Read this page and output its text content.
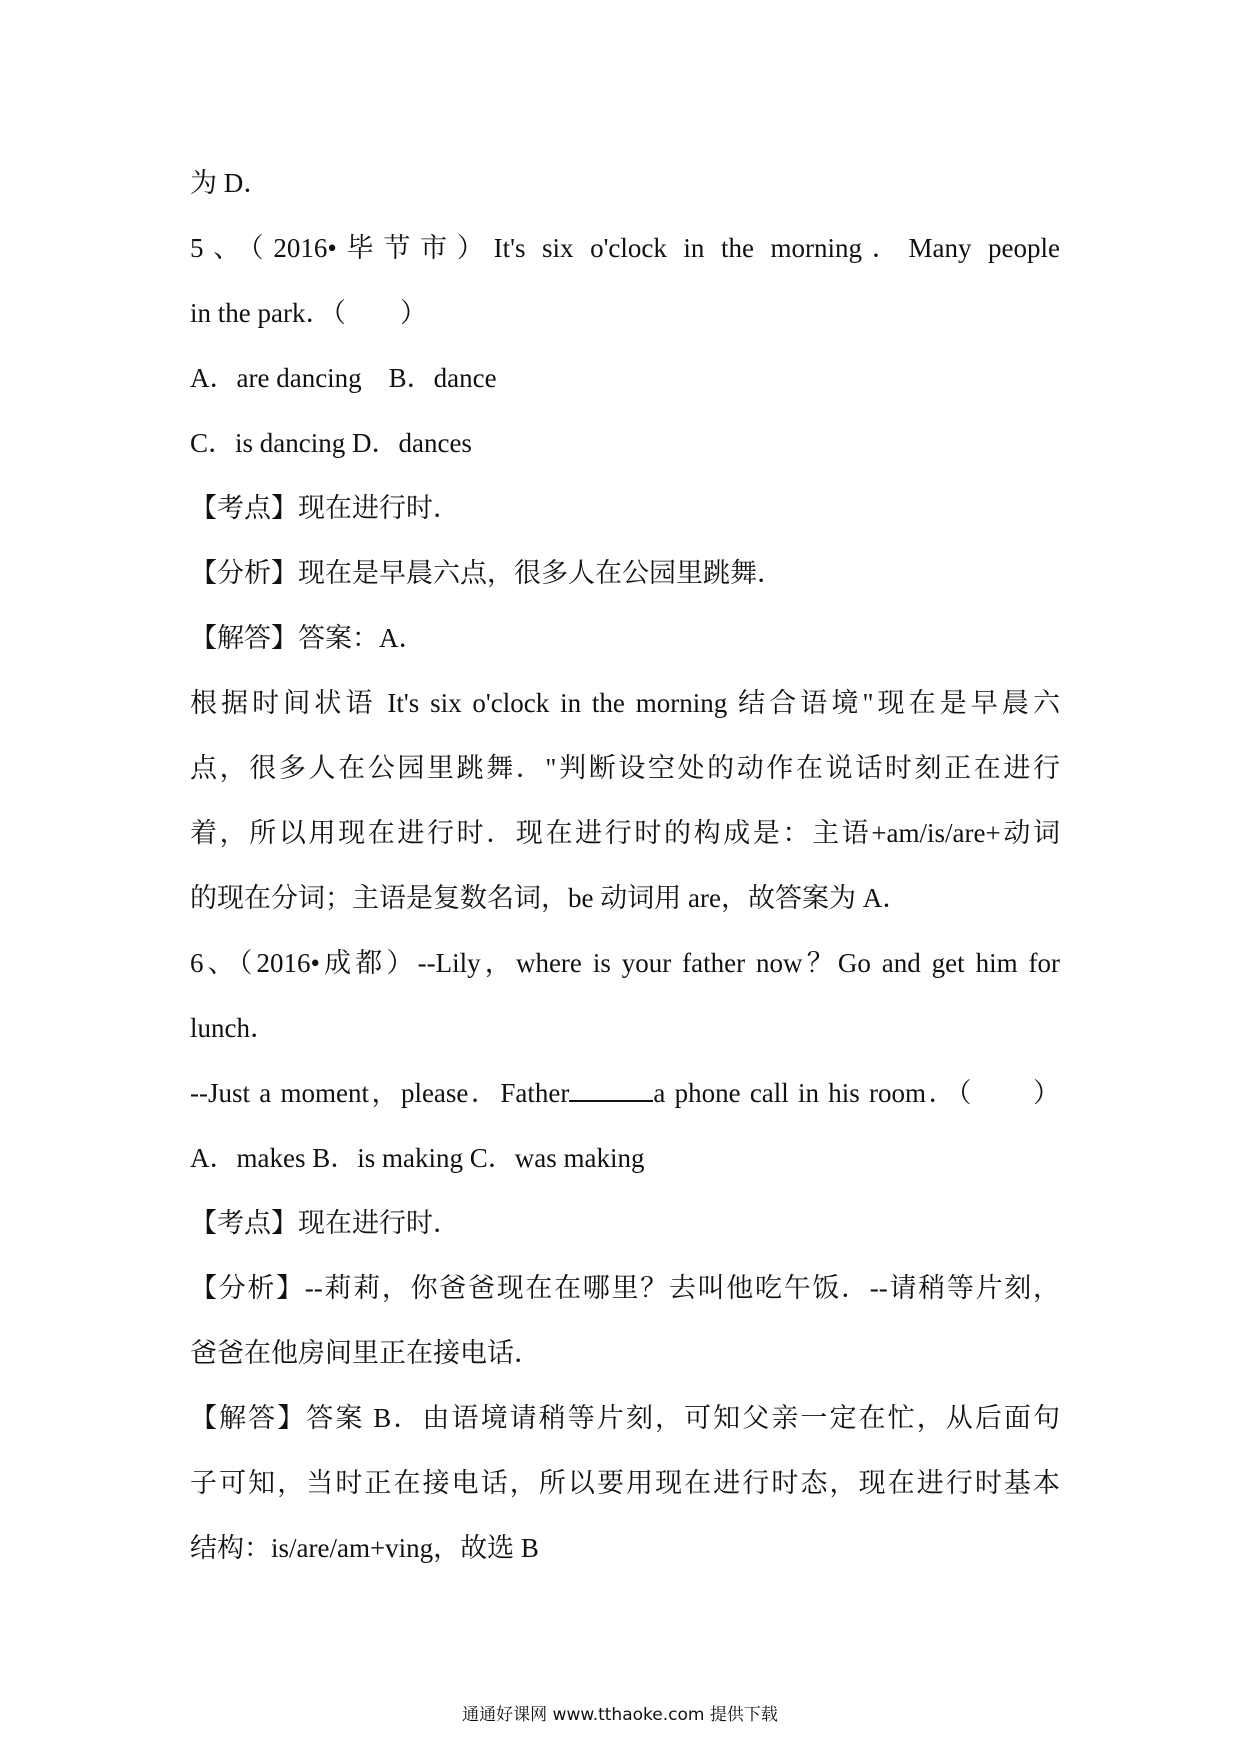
为 D．
5、（2016•毕节市）It's six o'clock in the morning．Many people
in the park．（　　）
A．are dancing　B．dance
C．is dancing D．dances
【考点】现在进行时．
【分析】现在是早晨六点，很多人在公园里跳舞．
【解答】答案：A．
根据时间状语 It's six o'clock in the morning 结合语境"现在是早晨六
点，很多人在公园里跳舞．"判断设空处的动作在说话时刻正在进行
着，所以用现在进行时．现在进行时的构成是：主语+am/is/are+动词
的现在分词；主语是复数名词，be 动词用 are，故答案为 A．
6、（2016•成都）--Lily，where is your father now？Go and get him for
lunch．
--Just a moment，please．Father	a phone call in his room．（　　）
A．makes B．is making C．was making
【考点】现在进行时．
【分析】--莉莉，你爸爸现在在哪里？去叫他吃午饭．--请稍等片刻，
爸爸在他房间里正在接电话．
【解答】答案 B．由语境请稍等片刻，可知父亲一定在忙，从后面句
子可知，当时正在接电话，所以要用现在进行时态，现在进行时基本
结构：is/are/am+ving，故选 B
通通好课网 www.tthaoke.com 提供下载
